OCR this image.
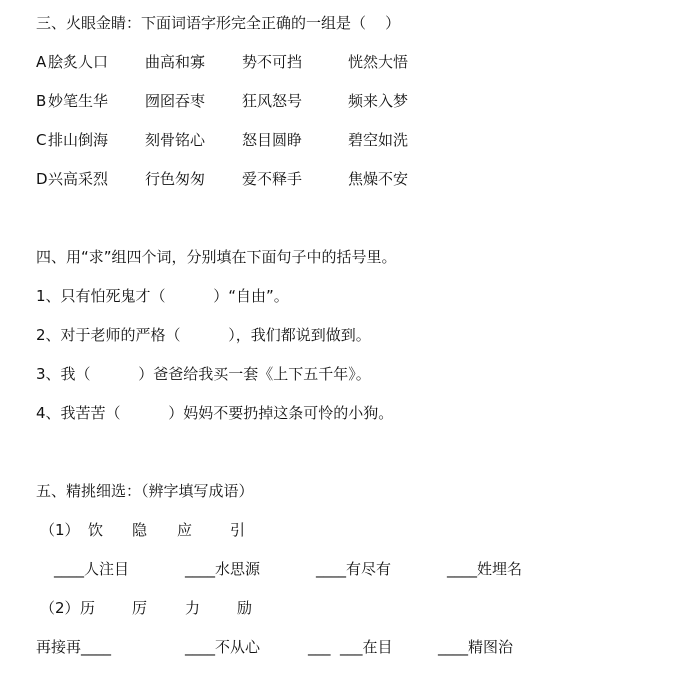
三、火眼金睛：下面词语字形完全正确的一组是（    ）
A 脍炙人口 曲高和寡 势不可挡	恍然大悟
B 妙笔生华 囫囵吞枣 狂风怒号	频来入梦
C 排山倒海 刻骨铭心 怒目圆睁	碧空如洗
D 兴高采烈 行色匆匆 爱不释手	焦燥不安
四、用“求”组四个词，分别填在下面句子中的括号里。
1、只有怕死鬼才（          ）“自由”。
2、对于老师的严格（          ），我们都说到做到。
3、我（          ）爸爸给我买一套《上下五千年》。
4、我苦苦（          ）妈妈不要扔掉这条可怜的小狗。
五、精挑细选：（辨字填写成语）
（1） 饮 隐 应	引
____人注目	____水思源	____有尽有	____姓埋名
（2） 历 厉	力 励
再接再____	____不从心	___  ___在目	____精图治
